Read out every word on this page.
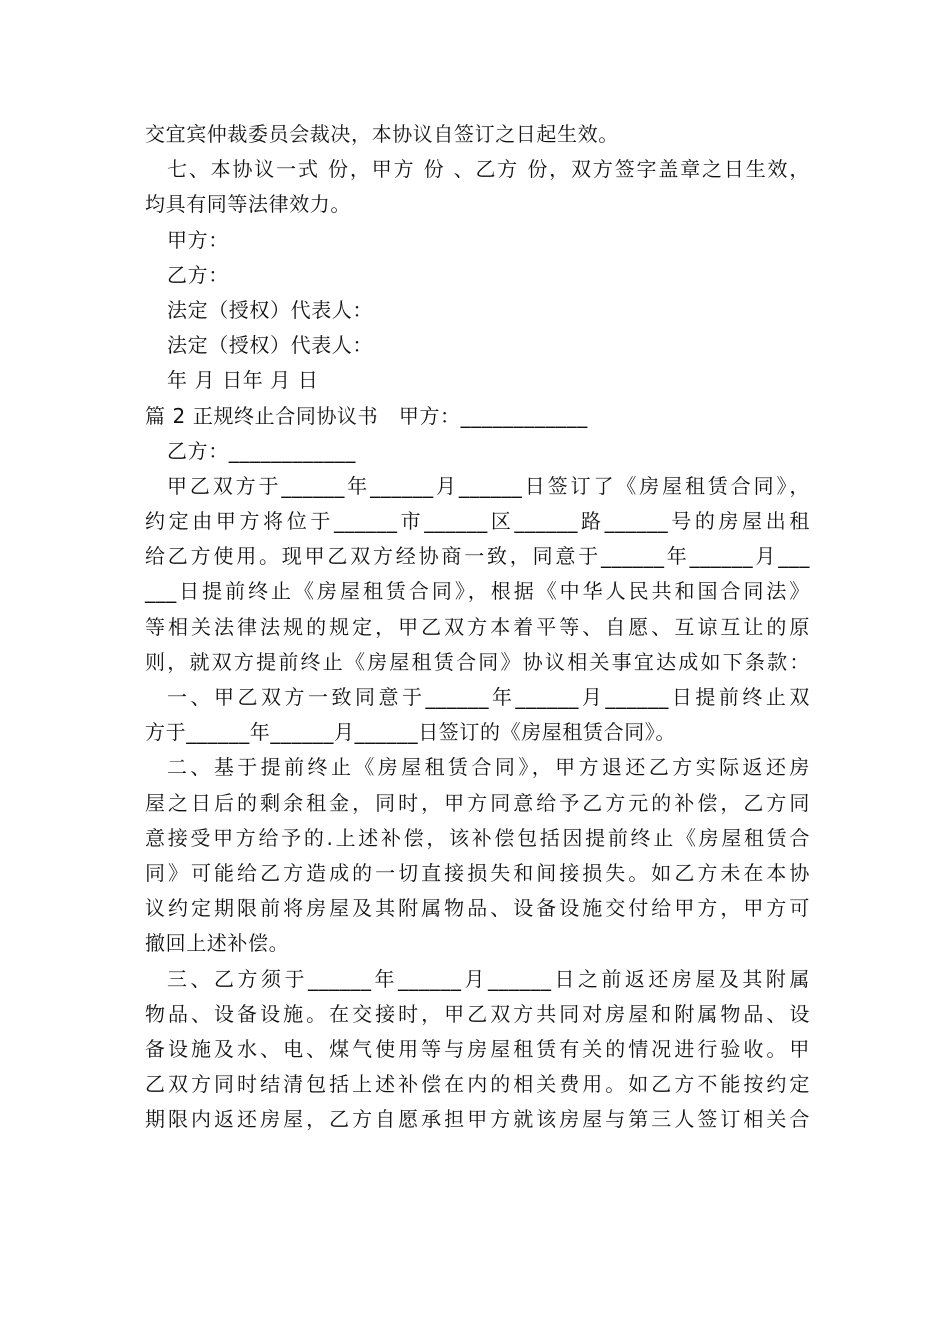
交宜宾仲裁委员会裁决，本协议自签订之日起生效。
七、本协议一式 份，甲方 份 、乙方 份，双方签字盖章之日生效，
均具有同等法律效力。
甲方：
乙方：
法定（授权）代表人：
法定（授权）代表人：
年 月 日年 月 日
篇 2 正规终止合同协议书　甲方：____________
乙方：____________
甲乙双方于______年______月______日签订了《房屋租赁合同》，
约定由甲方将位于______市______区______路______号的房屋出租
给乙方使用。现甲乙双方经协商一致，同意于______年______月___
___日提前终止《房屋租赁合同》，根据《中华人民共和国合同法》
等相关法律法规的规定，甲乙双方本着平等、自愿、互谅互让的原
则，就双方提前终止《房屋租赁合同》协议相关事宜达成如下条款：
一、甲乙双方一致同意于______年______月______日提前终止双
方于______年______月______日签订的《房屋租赁合同》。
二、基于提前终止《房屋租赁合同》，甲方退还乙方实际返还房
屋之日后的剩余租金，同时，甲方同意给予乙方元的补偿，乙方同
意接受甲方给予的.上述补偿，该补偿包括因提前终止《房屋租赁合
同》可能给乙方造成的一切直接损失和间接损失。如乙方未在本协
议约定期限前将房屋及其附属物品、设备设施交付给甲方，甲方可
撤回上述补偿。
三、乙方须于______年______月______日之前返还房屋及其附属
物品、设备设施。在交接时，甲乙双方共同对房屋和附属物品、设
备设施及水、电、煤气使用等与房屋租赁有关的情况进行验收。甲
乙双方同时结清包括上述补偿在内的相关费用。如乙方不能按约定
期限内返还房屋，乙方自愿承担甲方就该房屋与第三人签订相关合
